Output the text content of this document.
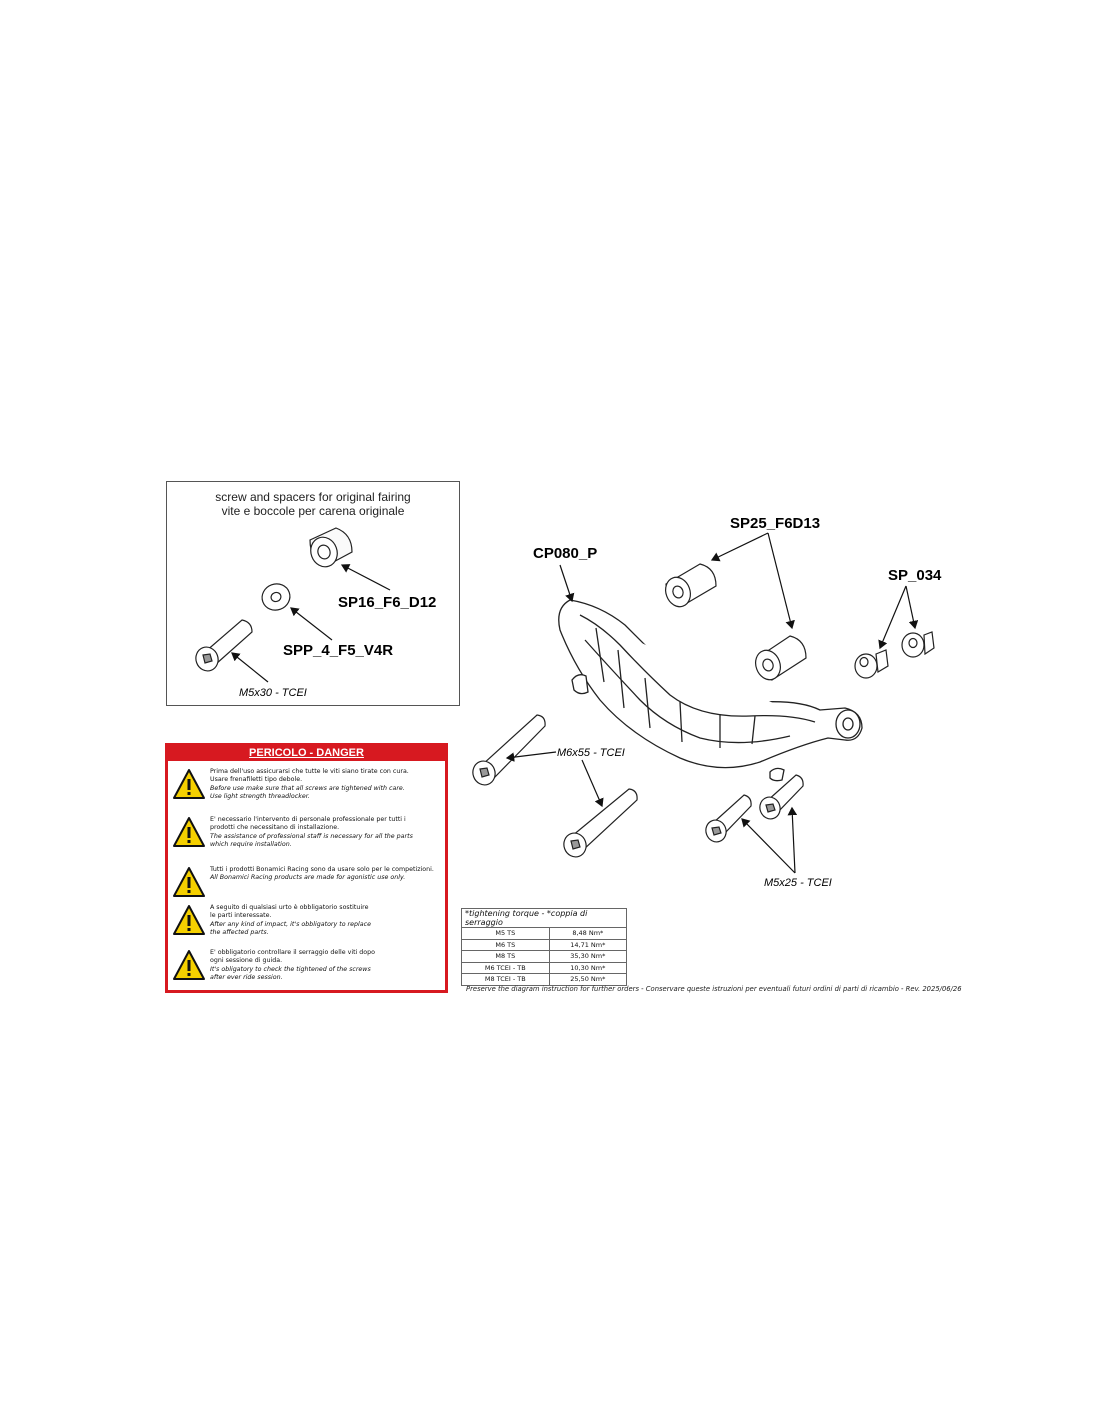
screw and spacers for original fairing
vite e boccole per carena originale
SP16_F6_D12
SPP_4_F5_V4R
M5x30 - TCEI
CP080_P
SP25_F6D13
SP_034
M6x55 - TCEI
M5x25 - TCEI
PERICOLO - DANGER
Prima dell'uso assicurarsi che tutte le viti siano tirate con cura.
Usare frenafiletti tipo debole.
Before use make sure that all screws are tightened with care.
Use light strength threadlocker.
E' necessario l'intervento di personale professionale per tutti i
prodotti che necessitano di installazione.
The assistance of professional staff is necessary for all the parts
which require installation.
Tutti i prodotti Bonamici Racing sono da usare solo per le competizioni.
All Bonamici Racing products are made for agonistic use only.
A seguito di qualsiasi urto è obbligatorio sostituire
le parti interessate.
After any kind of impact, it's obbligatory to replace
the affected parts.
E' obbligatorio controllare il serraggio delle viti dopo
ogni sessione di guida.
It's obligatory to check the tightened of the screws
after ever ride session.
*tightening torque - *coppia di serraggio	
M5 TS	8,48 Nm*
M6 TS	14,71 Nm*
M8 TS	35,30 Nm*
M6 TCEI - TB	10,30 Nm*
M8 TCEI - TB	25,50 Nm*
Preserve the diagram instruction for further orders - Conservare queste istruzioni per eventuali futuri ordini di parti di ricambio - Rev. 2025/06/26
